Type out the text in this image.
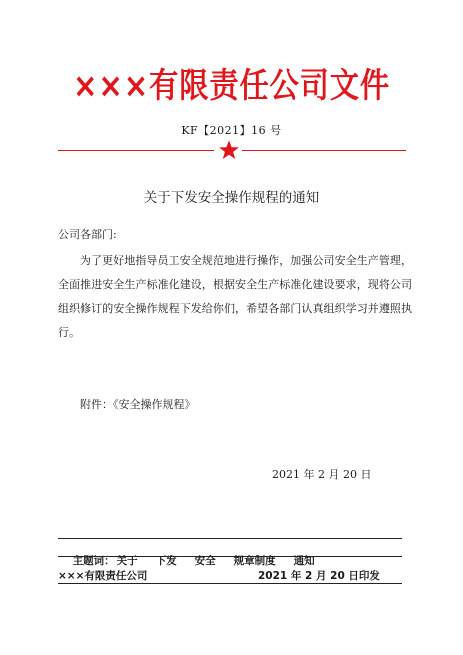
×××有限责任公司文件
KF【2021】16 号
关于下发安全操作规程的通知
公司各部门:
为了更好地指导员工安全规范地进行操作，加强公司安全生产管理，全面推进安全生产标准化建设，根据安全生产标准化建设要求，现将公司组织修订的安全操作规程下发给你们，希望各部门认真组织学习并遵照执行。
附件：《安全操作规程》
2021 年 2 月 20 日

主题词： 关于 下发 安全 规章制度 通知

×××有限责任公司	2021 年 2 月 20 日印发
